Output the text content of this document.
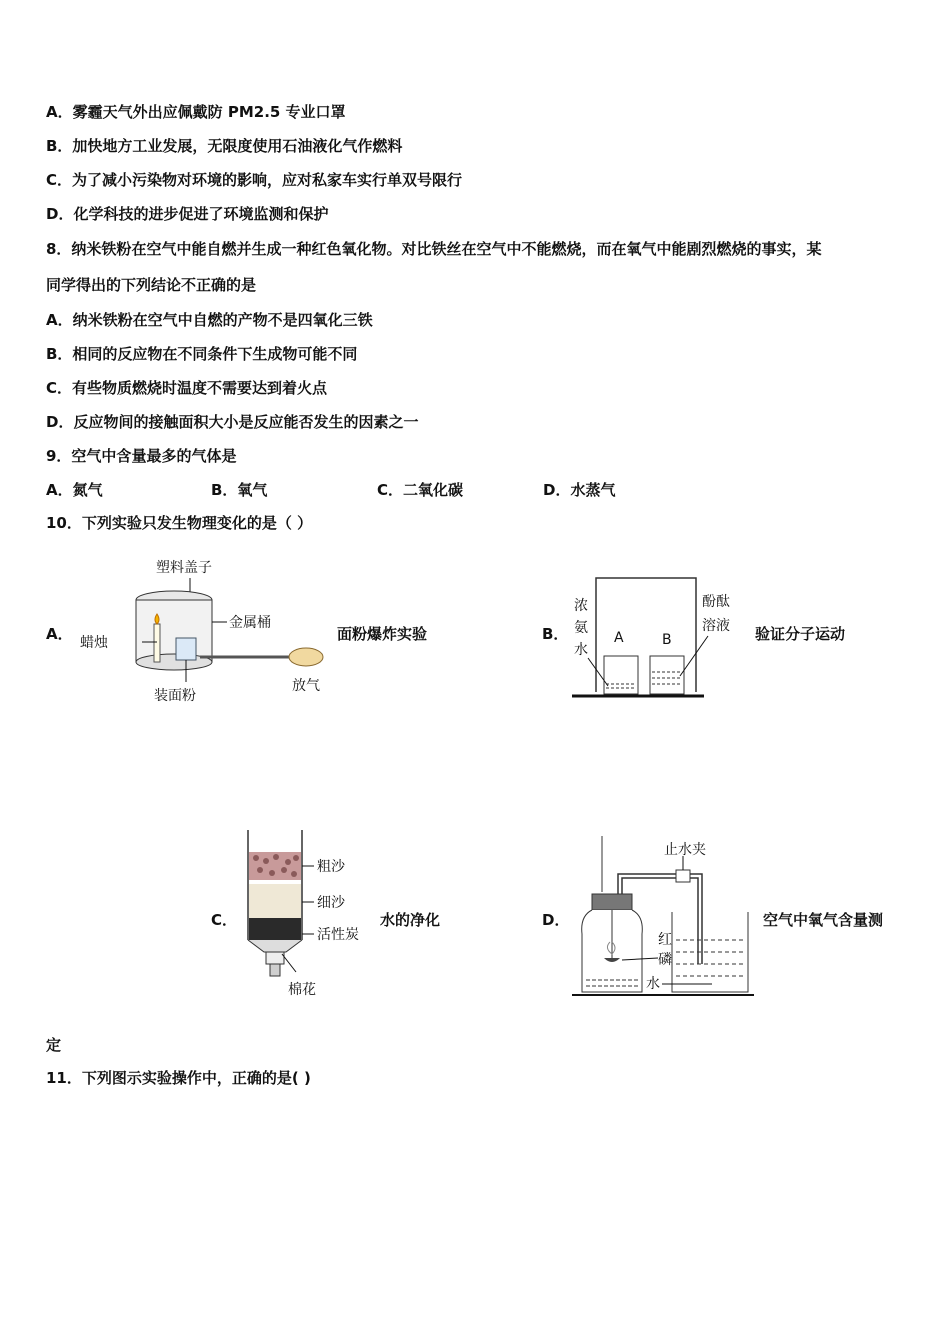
A．雾霾天气外出应佩戴防 PM2.5 专业口罩
B．加快地方工业发展，无限度使用石油液化气作燃料
C．为了减小污染物对环境的影响，应对私家车实行单双号限行
D．化学科技的进步促进了环境监测和保护
8．纳米铁粉在空气中能自燃并生成一种红色氧化物。对比铁丝在空气中不能燃烧，而在氧气中能剧烈燃烧的事实，某
同学得出的下列结论不正确的是
A．纳米铁粉在空气中自燃的产物不是四氧化三铁
B．相同的反应物在不同条件下生成物可能不同
C．有些物质燃烧时温度不需要达到着火点
D．反应物间的接触面积大小是反应能否发生的因素之一
9．空气中含量最多的气体是
A．氮气	B．氧气	C．二氧化碳	D．水蒸气
10．下列实验只发生物理变化的是（ ）
A．
塑料盖子
金属桶
蜡烛
装面粉
放气
面粉爆炸实验	B．	A	B
浓
氨
水
酚酞
溶液 验证分子运动
C．
粗沙
细沙
活性炭
棉花
水的净化	D．
止水夹
红
磷
水
空气中氧气含量测
定
11．下列图示实验操作中，正确的是( )
